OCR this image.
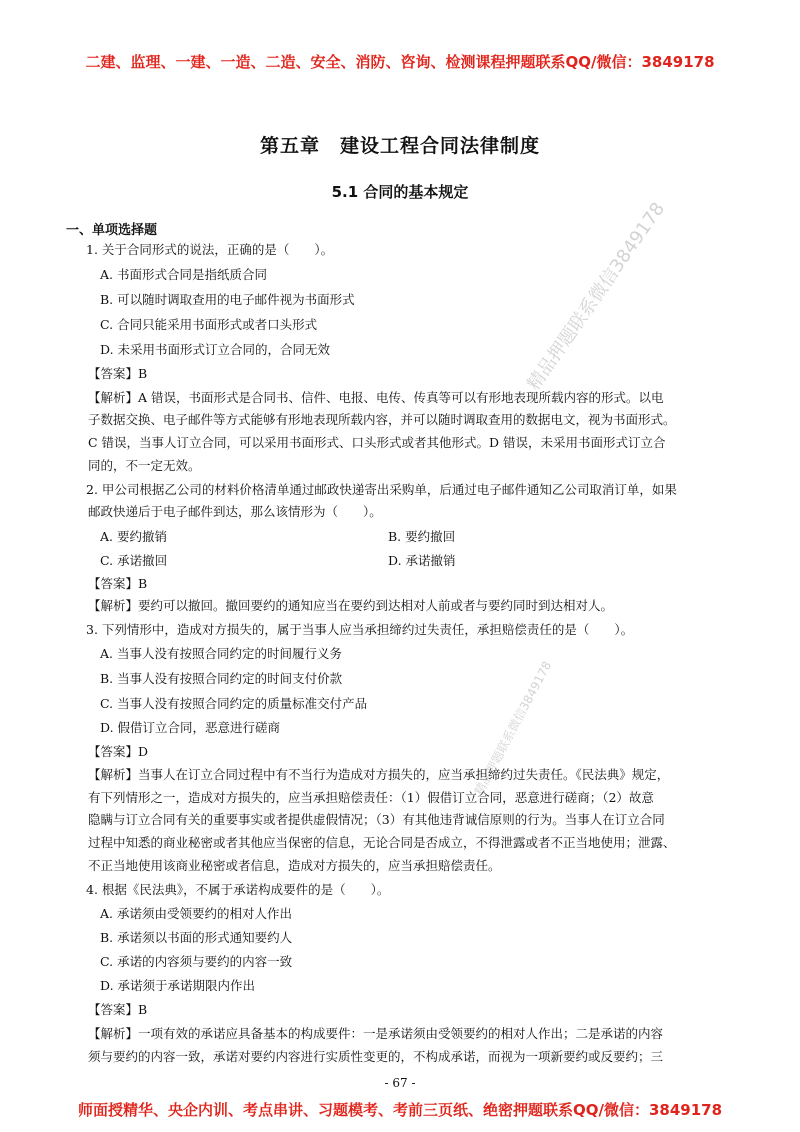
二建、监理、一建、一造、二造、安全、消防、咨询、检测课程押题联系QQ/微信：3849178
第五章　建设工程合同法律制度
5.1 合同的基本规定
一、单项选择题
1. 关于合同形式的说法，正确的是（　　）。
A. 书面形式合同是指纸质合同
B. 可以随时调取查用的电子邮件视为书面形式
C. 合同只能采用书面形式或者口头形式
D. 未采用书面形式订立合同的，合同无效
【答案】B
【解析】A 错误，书面形式是合同书、信件、电报、电传、传真等可以有形地表现所载内容的形式。以电
子数据交换、电子邮件等方式能够有形地表现所载内容，并可以随时调取查用的数据电文，视为书面形式。
C 错误，当事人订立合同，可以采用书面形式、口头形式或者其他形式。D 错误，未采用书面形式订立合
同的，不一定无效。
2. 甲公司根据乙公司的材料价格清单通过邮政快递寄出采购单，后通过电子邮件通知乙公司取消订单，如果
邮政快递后于电子邮件到达，那么该情形为（　　）。
A. 要约撤销	B. 要约撤回
C. 承诺撤回	D. 承诺撤销
【答案】B
【解析】要约可以撤回。撤回要约的通知应当在要约到达相对人前或者与要约同时到达相对人。
3. 下列情形中，造成对方损失的，属于当事人应当承担缔约过失责任，承担赔偿责任的是（　　）。
A. 当事人没有按照合同约定的时间履行义务
B. 当事人没有按照合同约定的时间支付价款
C. 当事人没有按照合同约定的质量标准交付产品
D. 假借订立合同，恶意进行磋商
【答案】D
【解析】当事人在订立合同过程中有不当行为造成对方损失的，应当承担缔约过失责任。《民法典》规定，
有下列情形之一，造成对方损失的，应当承担赔偿责任：（1）假借订立合同，恶意进行磋商；（2）故意
隐瞒与订立合同有关的重要事实或者提供虚假情况；（3）有其他违背诚信原则的行为。当事人在订立合同
过程中知悉的商业秘密或者其他应当保密的信息，无论合同是否成立，不得泄露或者不正当地使用；泄露、
不正当地使用该商业秘密或者信息，造成对方损失的，应当承担赔偿责任。
4. 根据《民法典》，不属于承诺构成要件的是（　　）。
A. 承诺须由受领要约的相对人作出
B. 承诺须以书面的形式通知要约人
C. 承诺的内容须与要约的内容一致
D. 承诺须于承诺期限内作出
【答案】B
【解析】一项有效的承诺应具备基本的构成要件：一是承诺须由受领要约的相对人作出；二是承诺的内容
须与要约的内容一致，承诺对要约内容进行实质性变更的，不构成承诺，而视为一项新要约或反要约；三
精品押题联系微信3849178
精品押题联系微信3849178
- 67 -
师面授精华、央企内训、考点串讲、习题模考、考前三页纸、绝密押题联系QQ/微信：3849178
